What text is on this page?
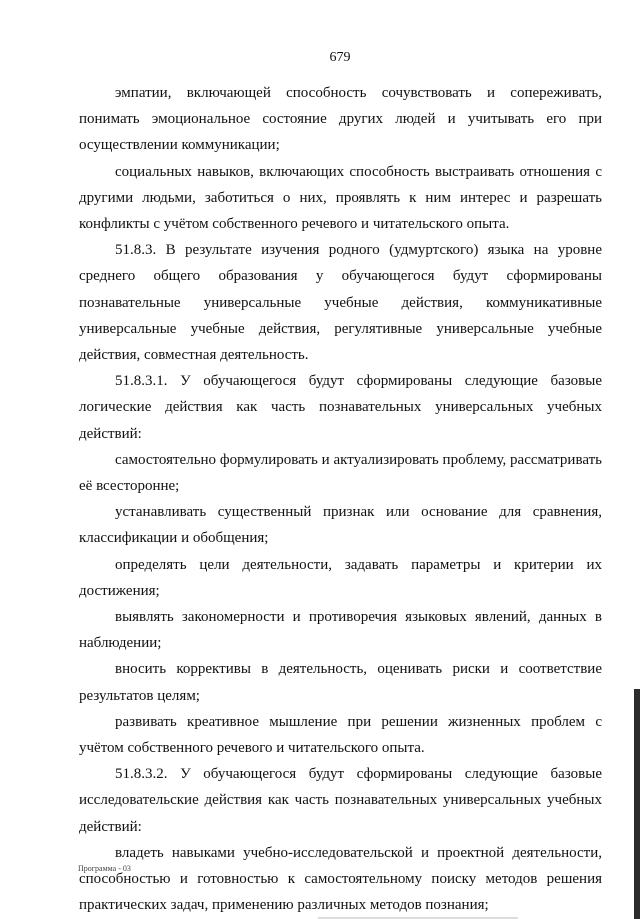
679

эмпатии, включающей способность сочувствовать и сопереживать, понимать эмоциональное состояние других людей и учитывать его при осуществлении коммуникации;

социальных навыков, включающих способность выстраивать отношения с другими людьми, заботиться о них, проявлять к ним интерес и разрешать конфликты с учётом собственного речевого и читательского опыта.

51.8.3. В результате изучения родного (удмуртского) языка на уровне среднего общего образования у обучающегося будут сформированы познавательные универсальные учебные действия, коммуникативные универсальные учебные действия, регулятивные универсальные учебные действия, совместная деятельность.

51.8.3.1. У обучающегося будут сформированы следующие базовые логические действия как часть познавательных универсальных учебных действий:

самостоятельно формулировать и актуализировать проблему, рассматривать её всесторонне;

устанавливать существенный признак или основание для сравнения, классификации и обобщения;

определять цели деятельности, задавать параметры и критерии их достижения;

выявлять закономерности и противоречия языковых явлений, данных в наблюдении;

вносить коррективы в деятельность, оценивать риски и соответствие результатов целям;

развивать креативное мышление при решении жизненных проблем с учётом собственного речевого и читательского опыта.

51.8.3.2. У обучающегося будут сформированы следующие базовые исследовательские действия как часть познавательных универсальных учебных действий:

владеть навыками учебно-исследовательской и проектной деятельности, способностью и готовностью к самостоятельному поиску методов решения практических задач, применению различных методов познания;

Программа - 03
